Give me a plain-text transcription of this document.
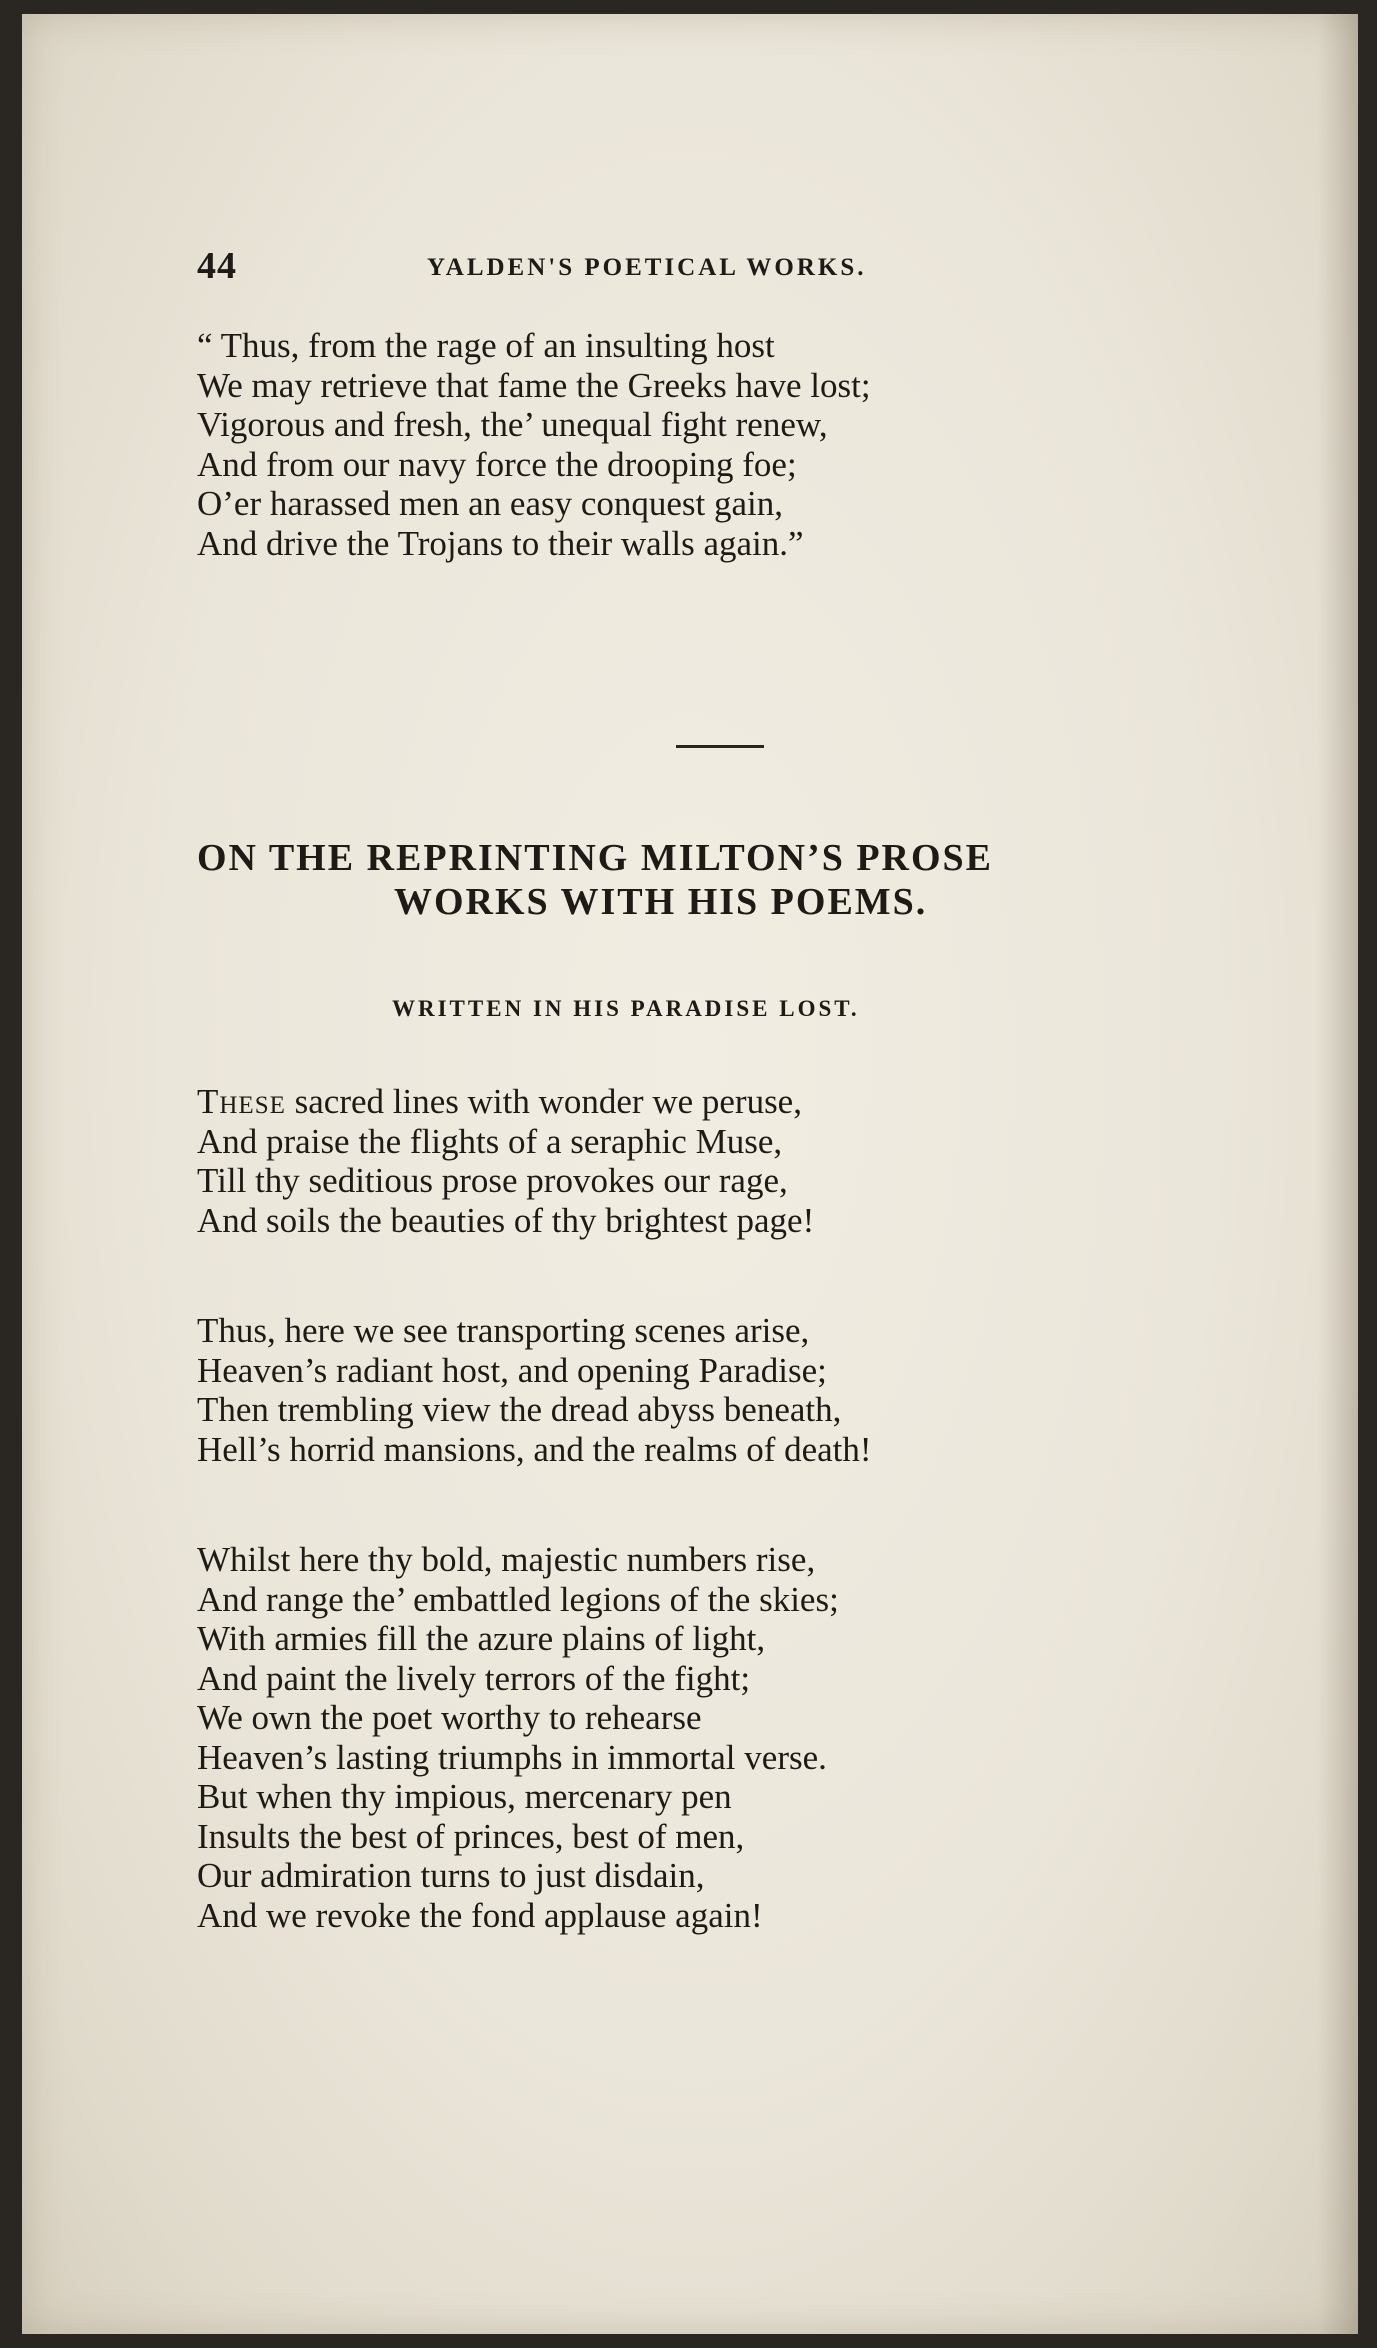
44	YALDEN'S POETICAL WORKS.
“ Thus, from the rage of an insulting host
We may retrieve that fame the Greeks have lost;
Vigorous and fresh, the’ unequal fight renew,
And from our navy force the drooping foe;
O’er harassed men an easy conquest gain,
And drive the Trojans to their walls again.”
ON THE REPRINTING MILTON’S PROSE
WORKS WITH HIS POEMS.
WRITTEN IN HIS PARADISE LOST.
These sacred lines with wonder we peruse,
And praise the flights of a seraphic Muse,
Till thy seditious prose provokes our rage,
And soils the beauties of thy brightest page!
Thus, here we see transporting scenes arise,
Heaven’s radiant host, and opening Paradise;
Then trembling view the dread abyss beneath,
Hell’s horrid mansions, and the realms of death!
Whilst here thy bold, majestic numbers rise,
And range the’ embattled legions of the skies;
With armies fill the azure plains of light,
And paint the lively terrors of the fight;
We own the poet worthy to rehearse
Heaven’s lasting triumphs in immortal verse.
But when thy impious, mercenary pen
Insults the best of princes, best of men,
Our admiration turns to just disdain,
And we revoke the fond applause again!
